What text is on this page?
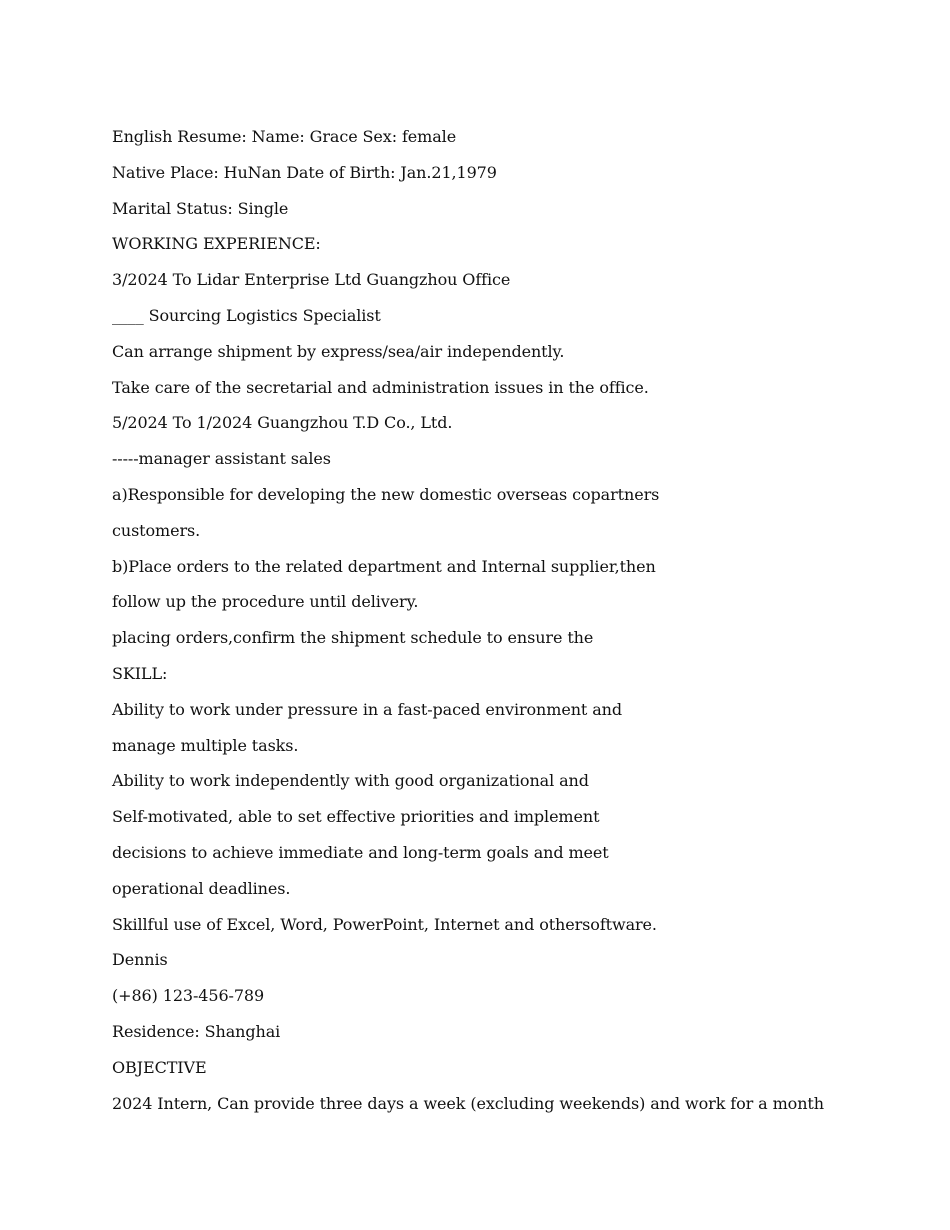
English Resume: Name: Grace Sex: female
Native Place: HuNan Date of Birth: Jan.21,1979
Marital Status: Single
WORKING EXPERIENCE:
3/2024 To Lidar Enterprise Ltd Guangzhou Office
____ Sourcing Logistics Specialist
Can arrange shipment by express/sea/air independently.
Take care of the secretarial and administration issues in the office.
5/2024 To 1/2024 Guangzhou T.D Co., Ltd.
-----manager assistant sales
a)Responsible for developing the new domestic overseas copartners
customers.
b)Place orders to the related department and Internal supplier,then
follow up the procedure until delivery.
placing orders,confirm the shipment schedule to ensure the
SKILL:
Ability to work under pressure in a fast-paced environment and
manage multiple tasks.
Ability to work independently with good organizational and
Self-motivated, able to set effective priorities and implement
decisions to achieve immediate and long-term goals and meet
operational deadlines.
Skillful use of Excel, Word, PowerPoint, Internet and othersoftware.
Dennis
(+86) 123-456-789
Residence: Shanghai
OBJECTIVE
2024 Intern, Can provide three days a week (excluding weekends) and work for a month
